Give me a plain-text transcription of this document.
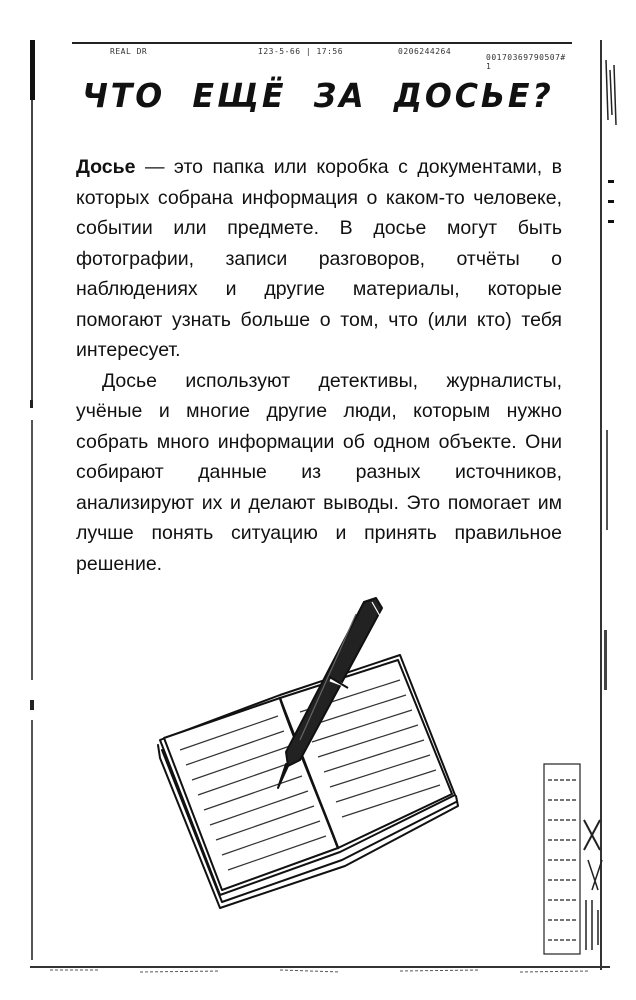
REAL DR	I23-5-66 | 17:56	0206244264
00170369790507# 1
ЧТО ЕЩЁ ЗА ДОСЬЕ?

Досье — это папка или коробка с документами, в которых собрана информация о каком-то человеке, событии или предмете. В досье могут быть фотографии, записи разговоров, отчёты о наблюдениях и другие материалы, которые помогают узнать больше о том, что (или кто) тебя интересует.

Досье используют детективы, журналисты, учёные и многие другие люди, которым нужно собрать много информации об одном объекте. Они собирают данные из разных источников, анализируют их и делают выводы. Это помогает им лучше понять ситуацию и принять правильное решение.
